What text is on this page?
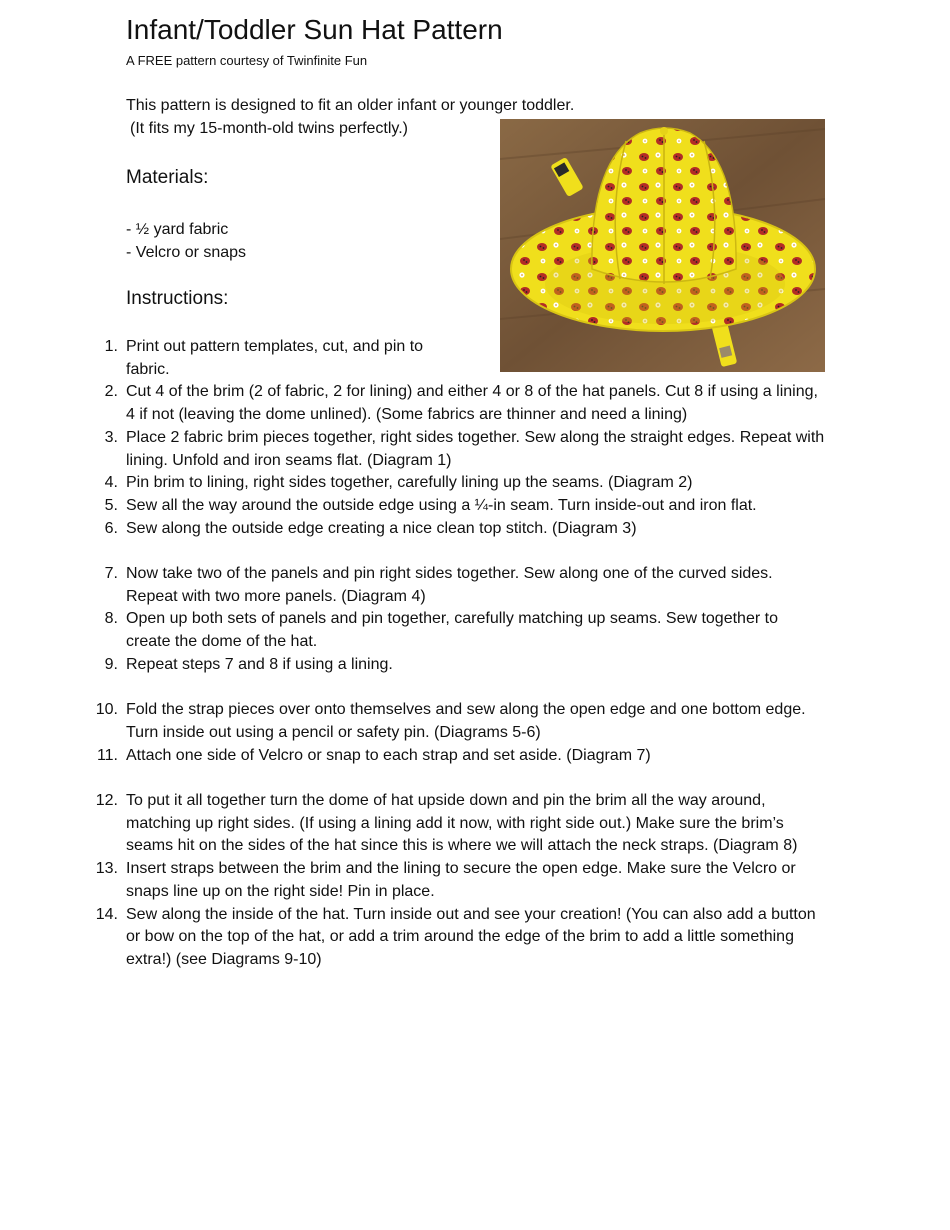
Infant/Toddler Sun Hat Pattern

A FREE pattern courtesy of Twinfinite Fun

This pattern is designed to fit an older infant or younger toddler.
(It fits my 15-month-old twins perfectly.)
Materials:
- ½ yard fabric
- Velcro or snaps
Instructions:
1. Print out pattern templates, cut, and pin to fabric.
2. Cut 4 of the brim (2 of fabric, 2 for lining) and either 4 or 8 of the hat panels. Cut 8 if using a lining, 4 if not (leaving the dome unlined). (Some fabrics are thinner and need a lining)
3. Place 2 fabric brim pieces together, right sides together. Sew along the straight edges. Repeat with lining. Unfold and iron seams flat. (Diagram 1)
4. Pin brim to lining, right sides together, carefully lining up the seams. (Diagram 2)
5. Sew all the way around the outside edge using a ¼-in seam. Turn inside-out and iron flat.
6. Sew along the outside edge creating a nice clean top stitch. (Diagram 3)
7. Now take two of the panels and pin right sides together. Sew along one of the curved sides. Repeat with two more panels. (Diagram 4)
8. Open up both sets of panels and pin together, carefully matching up seams. Sew together to create the dome of the hat.
9. Repeat steps 7 and 8 if using a lining.
10. Fold the strap pieces over onto themselves and sew along the open edge and one bottom edge. Turn inside out using a pencil or safety pin. (Diagrams 5-6)
11. Attach one side of Velcro or snap to each strap and set aside. (Diagram 7)
12. To put it all together turn the dome of hat upside down and pin the brim all the way around, matching up right sides. (If using a lining add it now, with right side out.) Make sure the brim’s seams hit on the sides of the hat since this is where we will attach the neck straps. (Diagram 8)
13. Insert straps between the brim and the lining to secure the open edge. Make sure the Velcro or snaps line up on the right side! Pin in place.
14. Sew along the inside of the hat. Turn inside out and see your creation! (You can also add a button or bow on the top of the hat, or add a trim around the edge of the brim to add a little something extra!) (see Diagrams 9-10)
